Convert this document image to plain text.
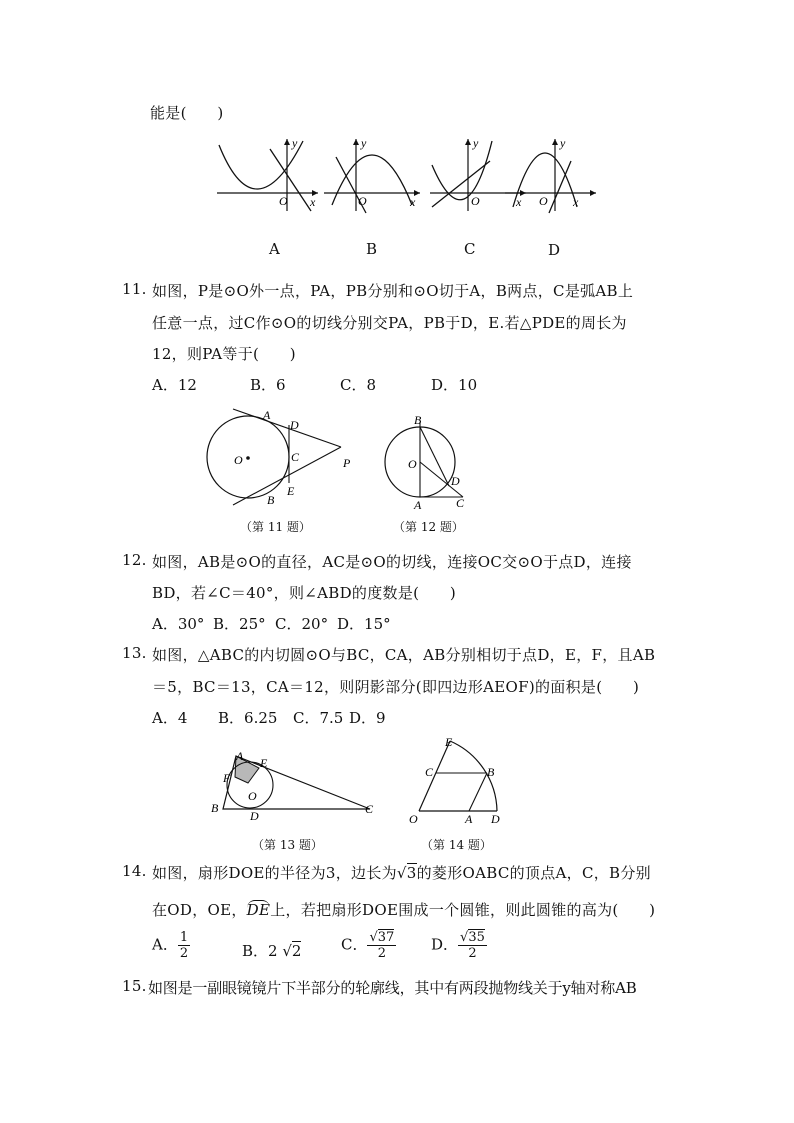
能是(　　)
y
x
O
y
x
O
y
x
O
y
x
O
A	B	C	D
11. 如图，P是⊙O外一点，PA，PB分别和⊙O切于A，B两点，C是弧AB上
任意一点，过C作⊙O的切线分别交PA，PB于D，E.若△PDE的周长为
12，则PA等于(　　)
A．12	B．6	C．8	D．10
A
B
C
D
E
O	P
（第 11 题）
B
O
A
D
C
（第 12 题）
12. 如图，AB是⊙O的直径，AC是⊙O的切线，连接OC交⊙O于点D，连接
BD，若∠C＝40°，则∠ABD的度数是(　　)
A．30° B．25° C．20° D．15°
13. 如图，△ABC的内切圆⊙O与BC，CA，AB分别相切于点D，E，F，且AB
＝5，BC＝13，CA＝12，则阴影部分(即四边形AEOF)的面积是(　　)
A．4 B．6.25 C．7.5 D．9
A E
F
O
B
D	C
（第 13 题）
E
C	B
O	A D
（第 14 题）
14. 如图，扇形DOE的半径为3，边长为√3的菱形OABC的顶点A，C，B分别
在OD，OE，DE上，若把扇形DOE围成一个圆锥，则此圆锥的高为(　　)
A． $\frac{1}{2}$	B．2 √2	C． $\frac{√37}{2}$ D． $\frac{√35}{2}$
15. 如图是一副眼镜镜片下半部分的轮廓线，其中有两段抛物线关于y轴对称AB
